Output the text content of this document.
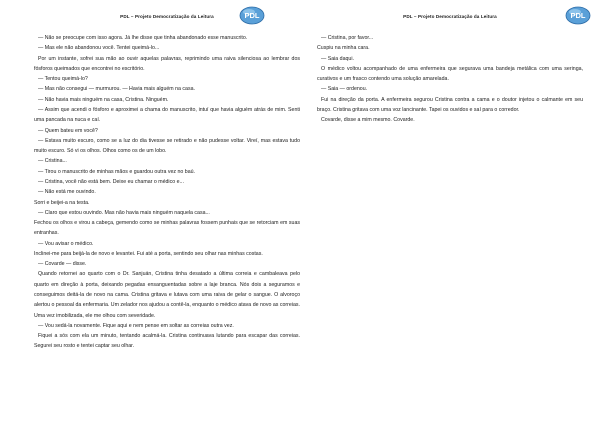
PDL – Projeto Democratização da Leitura	PDL

— Não se preocupe com isso agora. Já lhe disse que tinha abandonado esse manuscrito.

— Mas ele não abandonou você. Tentei queimá-lo...

Por um instante, sofrei sua mão ao ouvir aquelas palavras, reprimindo uma raiva silenciosa ao lembrar dos fósforos queimados que encontrei no escritório.

— Tentou queimá-lo?

— Mas não consegui — murmurou. — Havia mais alguém na casa.

— Não havia mais ninguém na casa, Cristina. Ninguém.

— Assim que acendi o fósforo e aproximei a chama do manuscrito, intuí que havia alguém atrás de mim. Senti uma pancada na nuca e caí.

— Quem bateu em você?

— Estava muito escuro, como se a luz do dia tivesse se retirado e não pudesse voltar. Vireí, mas estava tudo muito escuro. Só vi os olhos. Olhos como os de um lobo.

— Cristina...

— Tirou o manuscrito de minhas mãos e guardou outra vez no baú.

— Cristina, você não está bem. Deixe eu chamar o médico e...

— Não está me ouvindo.

Sorri e beijei-a na testa.

— Claro que estou ouvindo. Mas não havia mais ninguém naquela casa...

Fechou os olhos e virou a cabeça, gemendo como se minhas palavras fossem punhais que se retorciam em suas entranhas.

— Vou avisar o médico.

Inclinei-me para beijá-la de novo e levantei. Fui até a porta, sentindo seu olhar nas minhas costas.

— Covarde — disse.

Quando retornei ao quarto com o Dr. Sanjuán, Cristina tinha desatado a última correia e cambaleava pelo quarto em direção à porta, deixando pegadas ensanguentadas sobre a laje branca. Nós dois a seguramos e conseguimos deitá-la de novo na cama. Cristina gritava e lutava com uma raiva de gelar o sangue. O alvoroço alertou o pessoal da enfermaria. Um zelador nos ajudou a contê-la, enquanto o médico atava de novo as correias. Uma vez imobilizada, ele me olhou com severidade.

— Vou sedá-la novamente. Fique aqui e nem pense em soltar as correias outra vez.

Fiquei a sós com ela um minuto, tentando acalmá-la. Cristina continuava lutando para escapar das correias. Segurei seu rosto e tentei captar seu olhar.

PDL – Projeto Democratização da Leitura	PDL

— Cristina, por favor...

Cuspiu na minha cara.

— Saia daqui.

O médico voltou acompanhado de uma enfermeira que segurava uma bandeja metálica com uma seringa, curativos e um frasco contendo uma solução amarelada.

— Saia — ordenou.

Fui na direção da porta. A enfermeira segurou Cristina contra a cama e o doutor injetou o calmante em seu braço. Cristina gritava com uma voz lancinante. Tapei os ouvidos e saí para o corredor.

Covarde, disse a mim mesmo. Covarde.
